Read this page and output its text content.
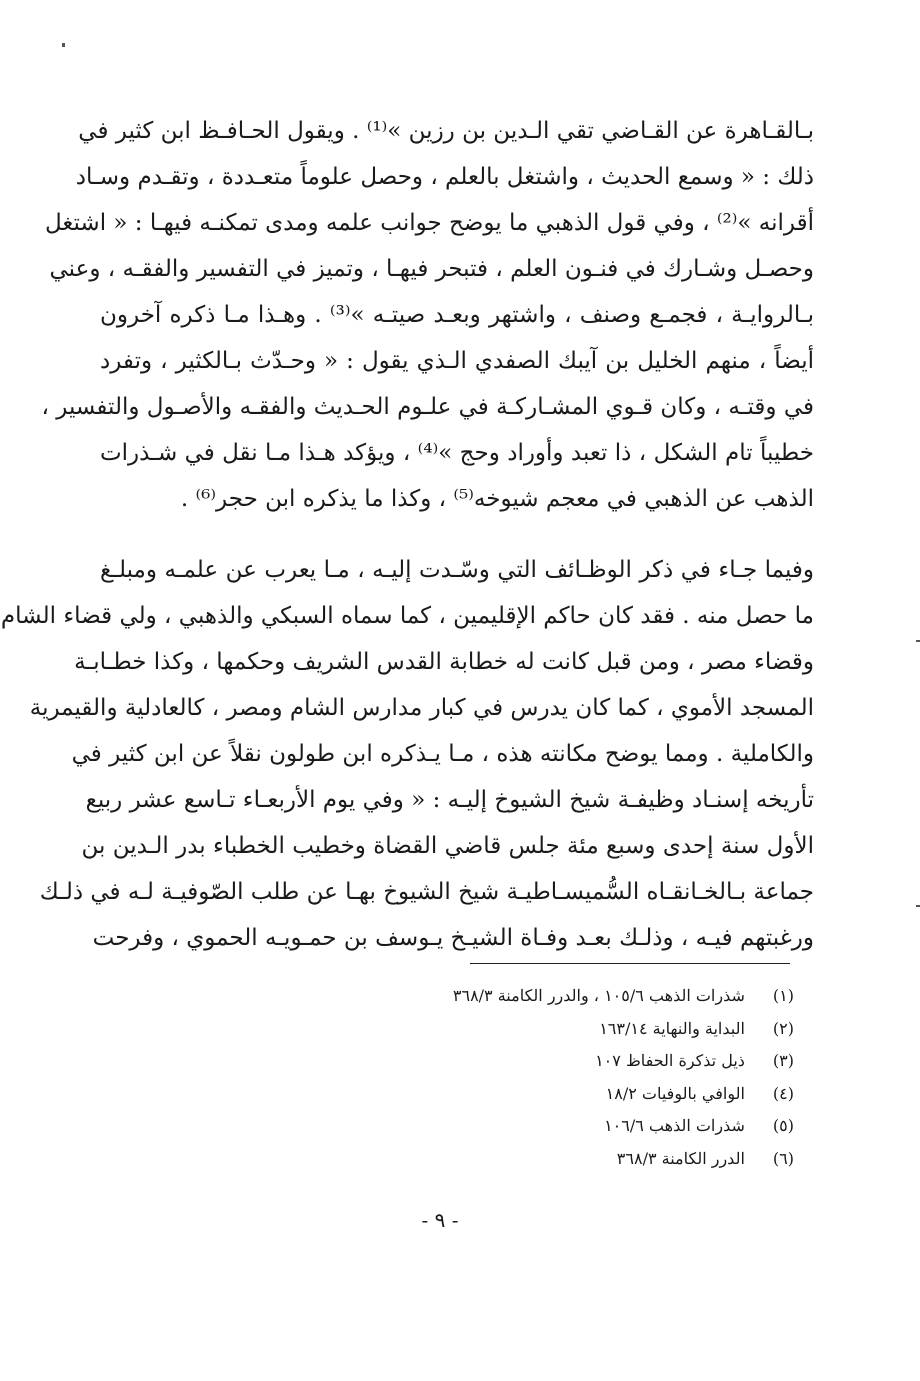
بـالقـاهرة عن القـاضي تقي الـدين بن رزين »⁽¹⁾ . ويقول الحـافـظ ابن كثير في
ذلك : « وسمع الحديث ، واشتغل بالعلم ، وحصل علوماً متعـددة ، وتقـدم وسـاد
أقرانه »⁽²⁾ ، وفي قول الذهبي ما يوضح جوانب علمه ومدى تمكنـه فيهـا : « اشتغل
وحصـل وشـارك في فنـون العلم ، فتبحر فيهـا ، وتميز في التفسير والفقـه ، وعني
بـالروايـة ، فجمـع وصنف ، واشتهر وبعـد صيتـه »⁽³⁾ . وهـذا مـا ذكره آخرون
أيضاً ، منهم الخليل بن آيبك الصفدي الـذي يقول : « وحـدّث بـالكثير ، وتفرد
في وقتـه ، وكان قـوي المشـاركـة في علـوم الحـديث والفقـه والأصـول والتفسير ،
خطيباً تام الشكل ، ذا تعبد وأوراد وحج »⁽⁴⁾ ، ويؤكد هـذا مـا نقل في شـذرات
الذهب عن الذهبي في معجم شيوخه⁽⁵⁾ ، وكذا ما يذكره ابن حجر⁽⁶⁾ .
وفيما جـاء في ذكر الوظـائف التي وسّـدت إليـه ، مـا يعرب عن علمـه ومبلـغ
ما حصل منه . فقد كان حاكم الإقليمين ، كما سماه السبكي والذهبي ، ولي قضاء الشام
وقضاء مصر ، ومن قبل كانت له خطابة القدس الشريف وحكمها ، وكذا خطـابـة
المسجد الأموي ، كما كان يدرس في كبار مدارس الشام ومصر ، كالعادلية والقيمرية
والكاملية . ومما يوضح مكانته هذه ، مـا يـذكره ابن طولون نقلاً عن ابن كثير في
تأريخه إسنـاد وظيفـة شيخ الشيوخ إليـه : « وفي يوم الأربعـاء تـاسع عشر ربيع
الأول سنة إحدى وسبع مئة جلس قاضي القضاة وخطيب الخطباء بدر الـدين بن
جماعة بـالخـانقـاه السُّميسـاطيـة شيخ الشيوخ بهـا عن طلب الصّوفيـة لـه في ذلـك
ورغبتهم فيـه ، وذلـك بعـد وفـاة الشيـخ يـوسف بن حمـويـه الحموي ، وفرحت
(١) شذرات الذهب ١٠٥/٦ ، والدرر الكامنة ٣٦٨/٣
(٢) البداية والنهاية ١٦٣/١٤
(٣) ذيل تذكرة الحفاظ ١٠٧
(٤) الوافي بالوفيات ١٨/٢
(٥) شذرات الذهب ١٠٦/٦
(٦) الدرر الكامنة ٣٦٨/٣
- ٩ -
